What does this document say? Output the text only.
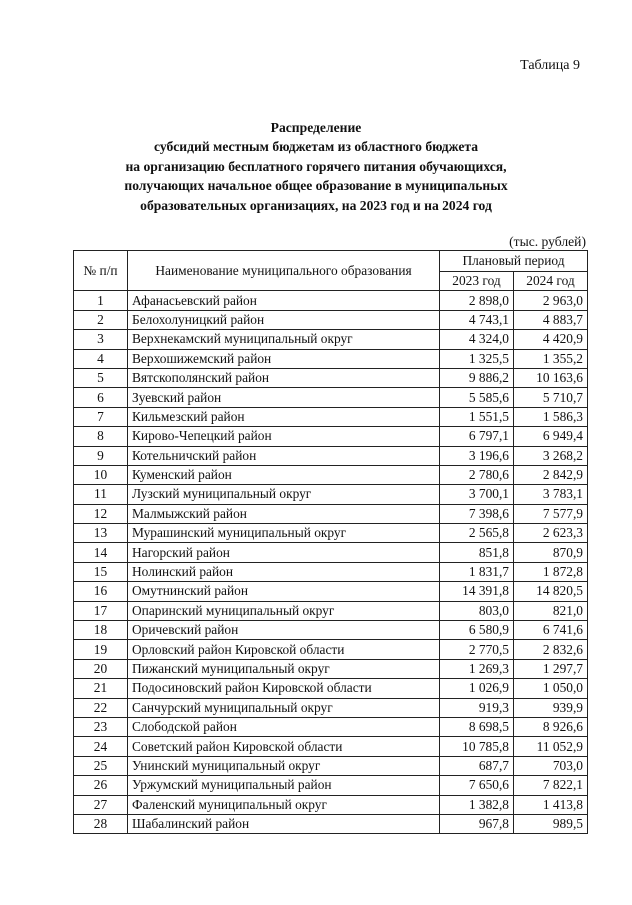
Таблица 9
Распределение
субсидий местным бюджетам из областного бюджета
на организацию бесплатного горячего питания обучающихся,
получающих начальное общее образование в муниципальных
образовательных организациях, на 2023 год и на 2024 год
(тыс. рублей)
№ п/п	Наименование муниципального образования	Плановый период	
		2023 год	2024 год
1	Афанасьевский район	2 898,0	2 963,0
2	Белохолуницкий район	4 743,1	4 883,7
3	Верхнекамский муниципальный округ	4 324,0	4 420,9
4	Верхошижемский район	1 325,5	1 355,2
5	Вятскополянский район	9 886,2	10 163,6
6	Зуевский район	5 585,6	5 710,7
7	Кильмезский район	1 551,5	1 586,3
8	Кирово-Чепецкий район	6 797,1	6 949,4
9	Котельничский район	3 196,6	3 268,2
10	Куменский район	2 780,6	2 842,9
11	Лузский муниципальный округ	3 700,1	3 783,1
12	Малмыжский район	7 398,6	7 577,9
13	Мурашинский муниципальный округ	2 565,8	2 623,3
14	Нагорский район	851,8	870,9
15	Нолинский район	1 831,7	1 872,8
16	Омутнинский район	14 391,8	14 820,5
17	Опаринский муниципальный округ	803,0	821,0
18	Оричевский район	6 580,9	6 741,6
19	Орловский район Кировской области	2 770,5	2 832,6
20	Пижанский муниципальный округ	1 269,3	1 297,7
21	Подосиновский район Кировской области	1 026,9	1 050,0
22	Санчурский муниципальный округ	919,3	939,9
23	Слободской район	8 698,5	8 926,6
24	Советский район Кировской области	10 785,8	11 052,9
25	Унинский муниципальный округ	687,7	703,0
26	Уржумский муниципальный район	7 650,6	7 822,1
27	Фаленский муниципальный округ	1 382,8	1 413,8
28	Шабалинский район	967,8	989,5
